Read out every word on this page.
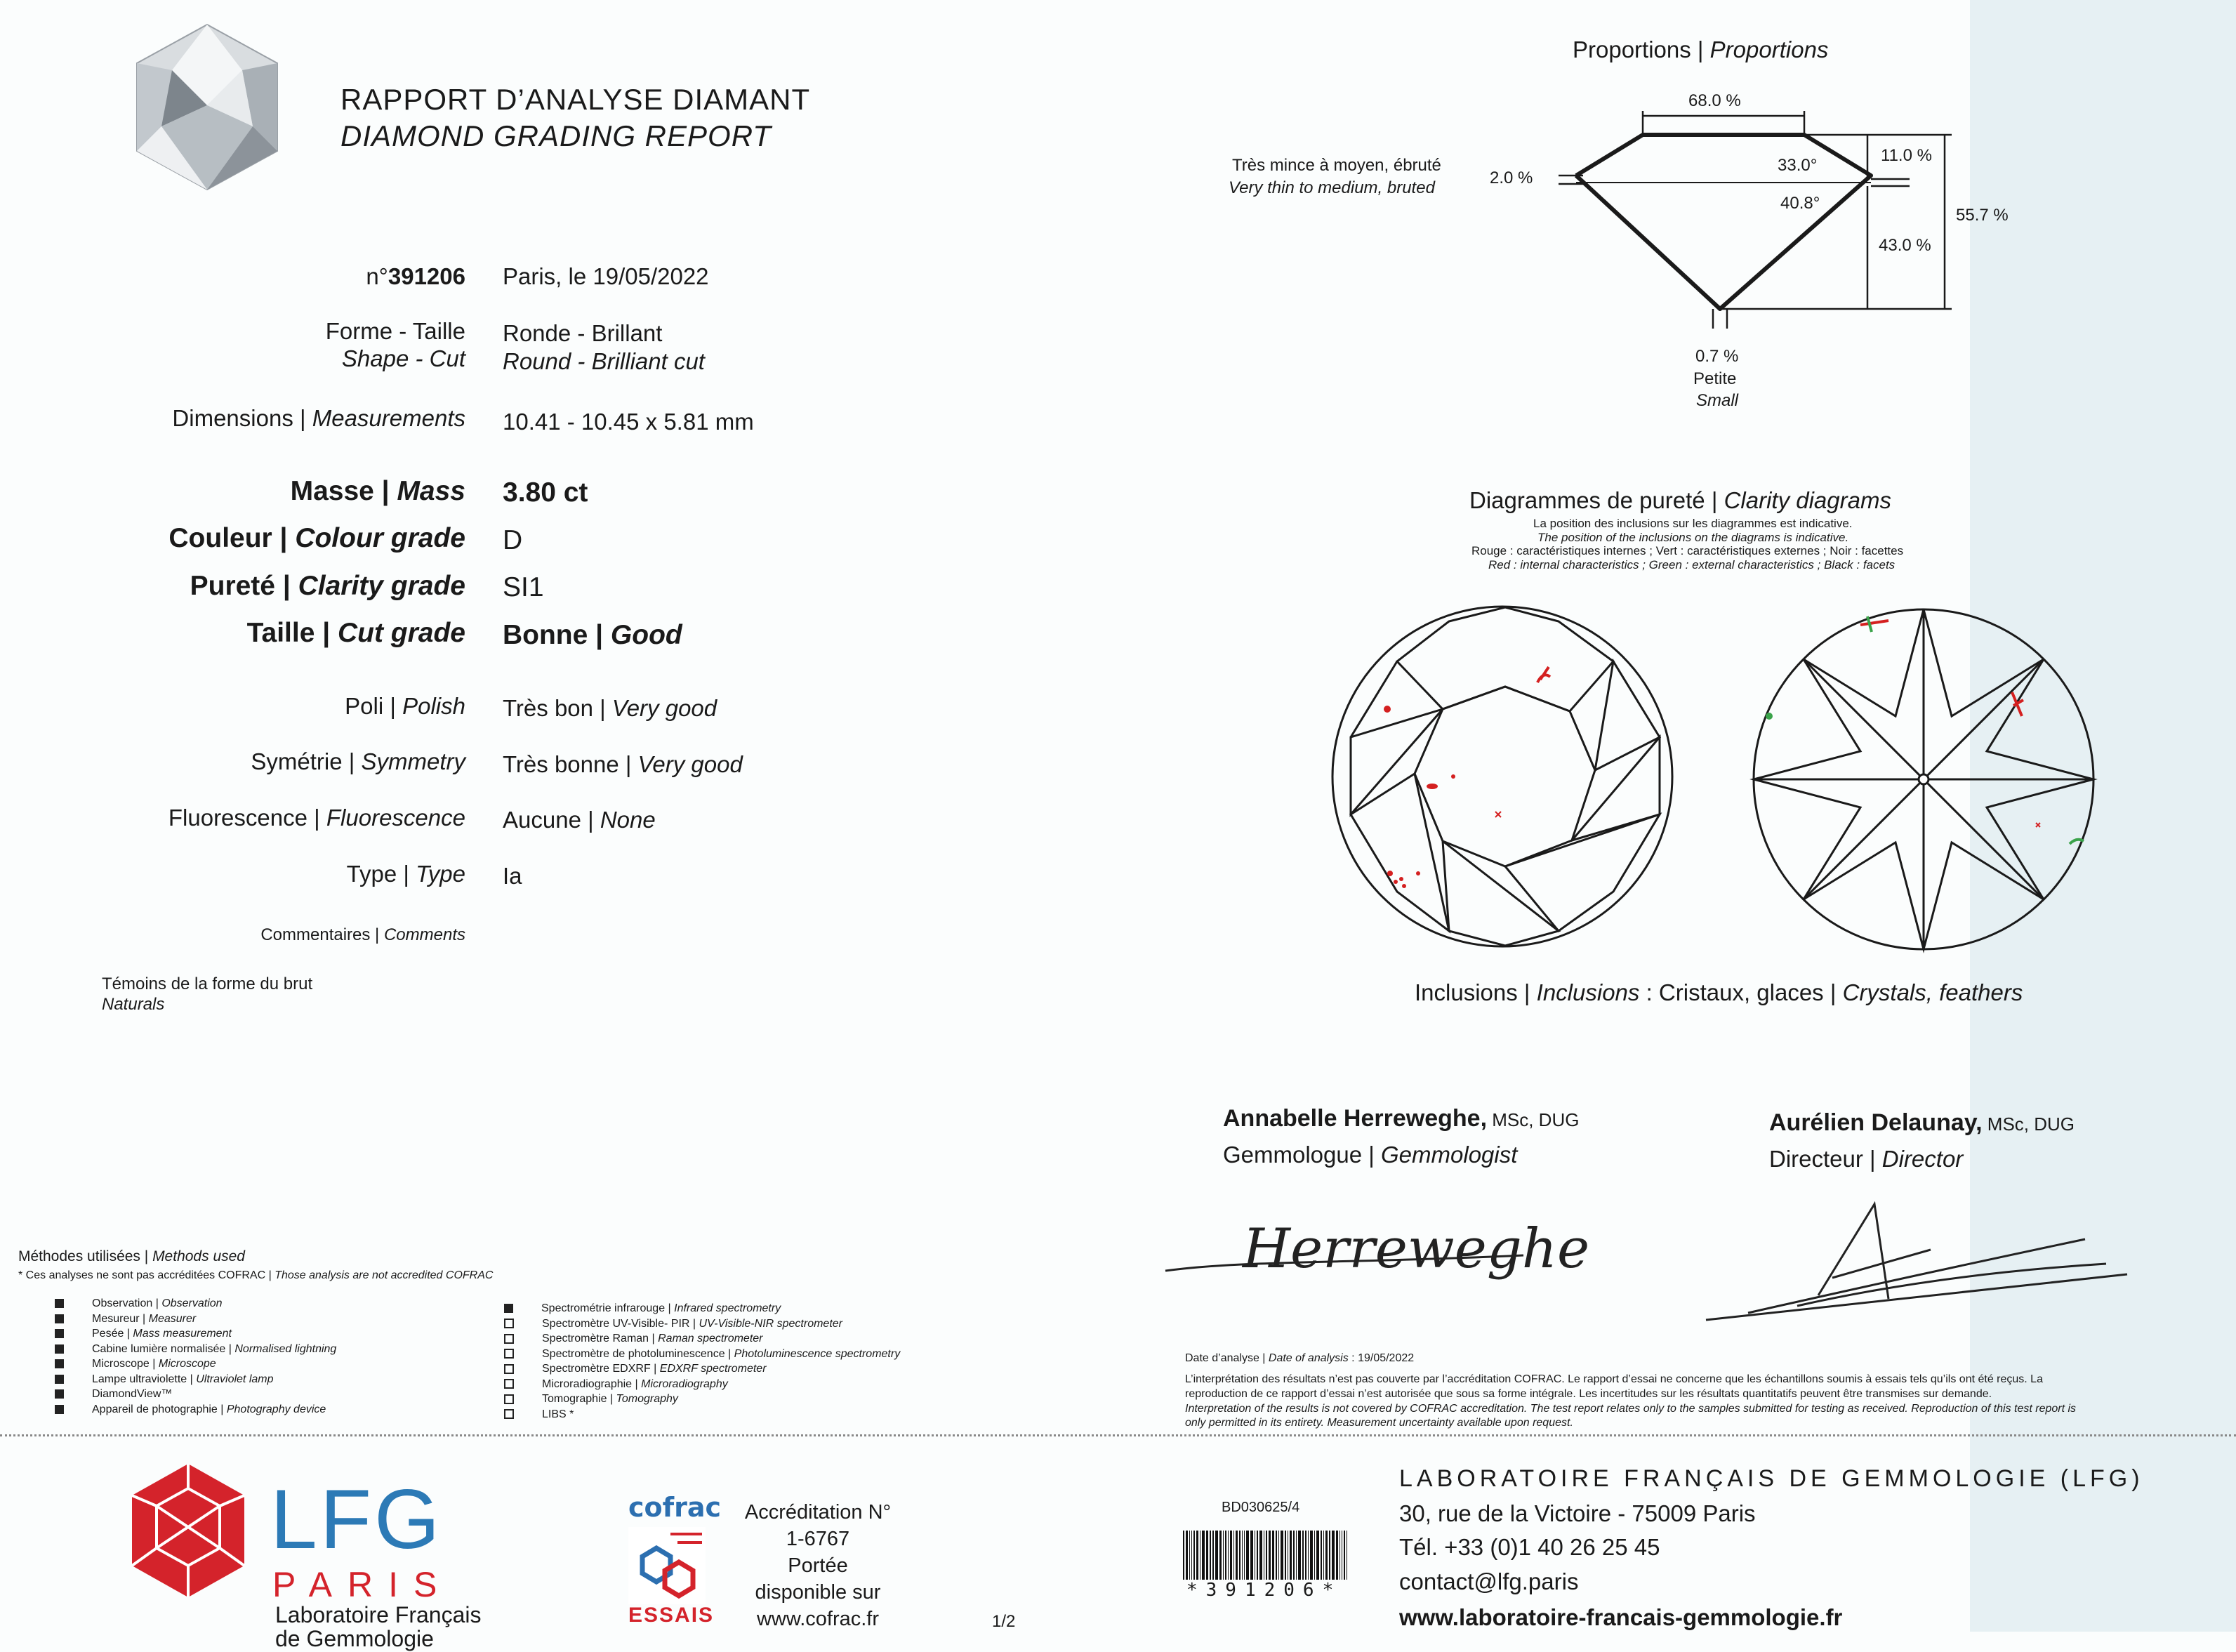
RAPPORT D’ANALYSE DIAMANT
DIAMOND GRADING REPORT
n°391206 Paris, le 19/05/2022
Forme - Taille
Shape - Cut
Ronde - Brillant
Round - Brilliant cut
Dimensions | Measurements 10.41 - 10.45 x 5.81 mm
Masse | Mass 3.80 ct
Couleur | Colour grade D
Pureté | Clarity grade SI1
Taille | Cut grade Bonne | Good
Poli | Polish Très bon | Very good
Symétrie | Symmetry Très bonne | Very good
Fluorescence | Fluorescence Aucune | None
Type | Type Ia
Commentaires | Comments
Témoins de la forme du brut
Naturals
Proportions | Proportions
68.0 %
11.0 %
43.0 %
55.7 %
33.0°
40.8°
2.0 %
Très mince à moyen, ébruté
Very thin to medium, bruted
0.7 %
Petite
Small
Diagrammes de pureté | Clarity diagrams
La position des inclusions sur les diagrammes est indicative.
The position of the inclusions on the diagrams is indicative.
Rouge : caractéristiques internes ; Vert : caractéristiques externes ; Noir : facettes
Red : internal characteristics ; Green : external characteristics ; Black : facets
Inclusions | Inclusions : Cristaux, glaces | Crystals, feathers
Annabelle Herreweghe, MSc, DUG
Gemmologue | Gemmologist
Aurélien Delaunay, MSc, DUG
Directeur | Director
Herreweghe
Méthodes utilisées | Methods used
* Ces analyses ne sont pas accréditées COFRAC | Those analysis are not accredited COFRAC
Observation | Observation
Mesureur | Measurer
Pesée | Mass measurement
Cabine lumière normalisée | Normalised lightning
Microscope | Microscope
Lampe ultraviolette | Ultraviolet lamp
DiamondView™
Appareil de photographie | Photography device
Spectrométrie infrarouge | Infrared spectrometry
Spectromètre UV-Visible- PIR | UV-Visible-NIR spectrometer
Spectromètre Raman | Raman spectrometer
Spectromètre de photoluminescence | Photoluminescence spectrometry
Spectromètre EDXRF | EDXRF spectrometer
Microradiographie | Microradiography
Tomographie | Tomography
LIBS *
Date d’analyse | Date of analysis : 19/05/2022
L’interprétation des résultats n’est pas couverte par l’accréditation COFRAC. Le rapport d’essai ne concerne que les échantillons soumis à essais tels qu’ils ont été reçus. La
reproduction de ce rapport d’essai n’est autorisée que sous sa forme intégrale. Les incertitudes sur les résultats quantitatifs peuvent être transmises sur demande.
Interpretation of the results is not covered by COFRAC accreditation. The test report relates only to the samples submitted for testing as received. Reproduction of this test report is
only permitted in its entirety. Measurement uncertainty available upon request.
LFG
PARIS
Laboratoire Français
de Gemmologie
cofrac
ESSAIS
Accréditation N°
1-6767
Portée
disponible sur
www.cofrac.fr	1/2
BD030625/4
*391206*
LABORATOIRE FRANÇAIS DE GEMMOLOGIE (LFG)
30, rue de la Victoire - 75009 Paris
Tél. +33 (0)1 40 26 25 45
contact@lfg.paris
www.laboratoire-francais-gemmologie.fr
